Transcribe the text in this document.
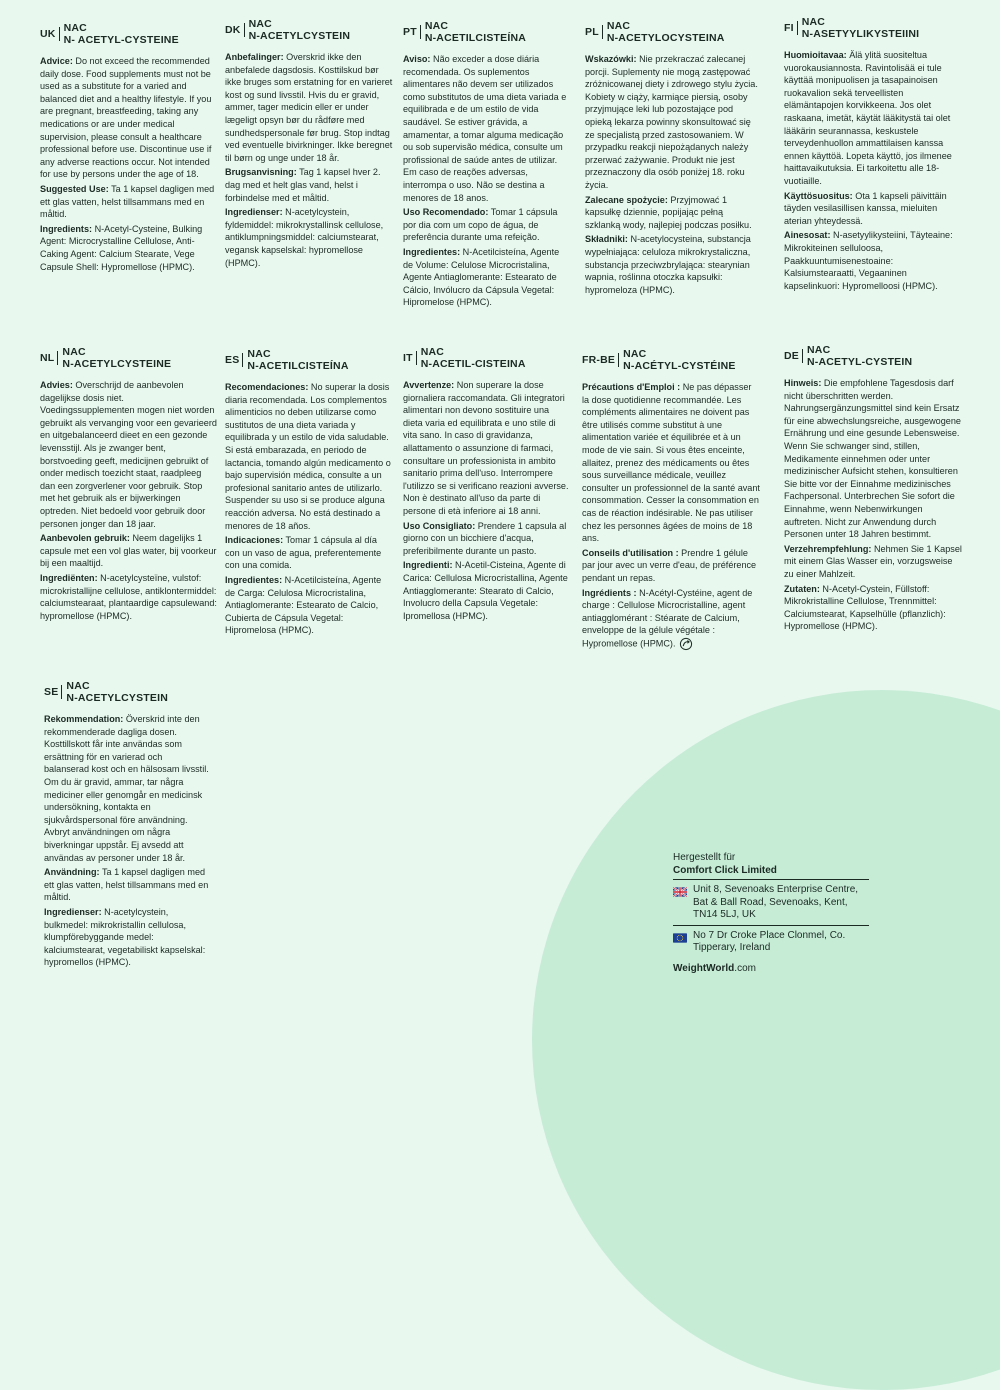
UK NAC
N- ACETYL-CYSTEINE
Advice: Do not exceed the recommended daily dose. Food supplements must not be used as a substitute for a varied and balanced diet and a healthy lifestyle. If you are pregnant, breastfeeding, taking any medications or are under medical supervision, please consult a healthcare professional before use. Discontinue use if any adverse reactions occur. Not intended for use by persons under the age of 18.
Suggested Use: Ta 1 kapsel dagligen med ett glas vatten, helst tillsammans med en måltid.
Ingredients: N-Acetyl-Cysteine, Bulking Agent: Microcrystalline Cellulose, Anti-Caking Agent: Calcium Stearate, Vege Capsule Shell: Hypromellose (HPMC).
DK NAC
N-ACETYLCYSTEIN
Anbefalinger: Overskrid ikke den anbefalede dagsdosis. Kosttilskud bør ikke bruges som erstatning for en varieret kost og sund livsstil. Hvis du er gravid, ammer, tager medicin eller er under lægeligt opsyn bør du rådføre med sundhedspersonale før brug. Stop indtag ved eventuelle bivirkninger. Ikke beregnet til børn og unge under 18 år.
Brugsanvisning: Tag 1 kapsel hver 2. dag med et helt glas vand, helst i forbindelse med et måltid.
Ingredienser: N-acetylcystein, fyldemiddel: mikrokrystallinsk cellulose, antiklumpningsmiddel: calciumstearat, vegansk kapselskal: hypromellose (HPMC).
PT NAC
N-ACETILCISTEÍNA
Aviso: Não exceder a dose diária recomendada. Os suplementos alimentares não devem ser utilizados como substitutos de uma dieta variada e equilibrada e de um estilo de vida saudável. Se estiver grávida, a amamentar, a tomar alguma medicação ou sob supervisão médica, consulte um profissional de saúde antes de utilizar. Em caso de reações adversas, interrompa o uso. Não se destina a menores de 18 anos.
Uso Recomendado: Tomar 1 cápsula por dia com um copo de água, de preferência durante uma refeição.
Ingredientes: N-Acetilcisteína, Agente de Volume: Celulose Microcristalina, Agente Antiaglomerante: Estearato de Cálcio, Invólucro da Cápsula Vegetal: Hipromelose (HPMC).
PL NAC
N-ACETYLOCYSTEINA
Wskazówki: Nie przekraczać zalecanej porcji. Suplementy nie mogą zastępować zróżnicowanej diety i zdrowego stylu życia. Kobiety w ciąży, karmiące piersią, osoby przyjmujące leki lub pozostające pod opieką lekarza powinny skonsultować się ze specjalistą przed zastosowaniem. W przypadku reakcji niepożądanych należy przerwać zażywanie. Produkt nie jest przeznaczony dla osób poniżej 18. roku życia.
Zalecane spożycie: Przyjmować 1 kapsułkę dziennie, popijając pełną szklanką wody, najlepiej podczas posiłku.
Składniki: N-acetylocysteina, substancja wypełniająca: celuloza mikrokrystaliczna, substancja przeciwzbrylająca: stearynian wapnia, roślinna otoczka kapsułki: hypromeloza (HPMC).
FI NAC
N-ASETYYLIKYSTEIINI
Huomioitavaa: Älä ylitä suositeltua vuorokausiannosta. Ravintolisää ei tule käyttää monipuolisen ja tasapainoisen ruokavalion sekä terveellisten elämäntapojen korvikkeena. Jos olet raskaana, imetät, käytät lääkitystä tai olet lääkärin seurannassa, keskustele terveydenhuollon ammattilaisen kanssa ennen käyttöä. Lopeta käyttö, jos ilmenee haittavaikutuksia. Ei tarkoitettu alle 18-vuotiaille.
Käyttösuositus: Ota 1 kapseli päivittäin täyden vesilasillisen kanssa, mieluiten aterian yhteydessä.
Ainesosat: N-asetyylikysteiini, Täyteaine: Mikrokiteinen selluloosa, Paakkuuntumisenestoaine: Kalsiumstearaatti, Vegaaninen kapselinkuori: Hypromelloosi (HPMC).
NL NAC
N-ACETYLCYSTEINE
Advies: Overschrijd de aanbevolen dagelijkse dosis niet. Voedingssupplementen mogen niet worden gebruikt als vervanging voor een gevarieerd en uitgebalanceerd dieet en een gezonde levensstijl. Als je zwanger bent, borstvoeding geeft, medicijnen gebruikt of onder medisch toezicht staat, raadpleeg dan een zorgverlener voor gebruik. Stop met het gebruik als er bijwerkingen optreden. Niet bedoeld voor gebruik door personen jonger dan 18 jaar.
Aanbevolen gebruik: Neem dagelijks 1 capsule met een vol glas water, bij voorkeur bij een maaltijd.
Ingrediënten: N-acetylcysteïne, vulstof: microkristallijne cellulose, antiklontermiddel: calciumstearaat, plantaardige capsulewand: hypromellose (HPMC).
ES NAC
N-ACETILCISTEÍNA
Recomendaciones: No superar la dosis diaria recomendada. Los complementos alimenticios no deben utilizarse como sustitutos de una dieta variada y equilibrada y un estilo de vida saludable. Si está embarazada, en periodo de lactancia, tomando algún medicamento o bajo supervisión médica, consulte a un profesional sanitario antes de utilizarlo. Suspender su uso si se produce alguna reacción adversa. No está destinado a menores de 18 años.
Indicaciones: Tomar 1 cápsula al día con un vaso de agua, preferentemente con una comida.
Ingredientes: N-Acetilcisteína, Agente de Carga: Celulosa Microcristalina, Antiaglomerante: Estearato de Calcio, Cubierta de Cápsula Vegetal: Hipromelosa (HPMC).
IT NAC
N-ACETIL-CISTEINA
Avvertenze: Non superare la dose giornaliera raccomandata. Gli integratori alimentari non devono sostituire una dieta varia ed equilibrata e uno stile di vita sano. In caso di gravidanza, allattamento o assunzione di farmaci, consultare un professionista in ambito sanitario prima dell'uso. Interrompere l'utilizzo se si verificano reazioni avverse. Non è destinato all'uso da parte di persone di età inferiore ai 18 anni.
Uso Consigliato: Prendere 1 capsula al giorno con un bicchiere d'acqua, preferibilmente durante un pasto.
Ingredienti: N-Acetil-Cisteina, Agente di Carica: Cellulosa Microcristallina, Agente Antiagglomerante: Stearato di Calcio, Involucro della Capsula Vegetale: Ipromellosa (HPMC).
FR-BE NAC
N-ACÉTYL-CYSTÉINE
Précautions d'Emploi : Ne pas dépasser la dose quotidienne recommandée. Les compléments alimentaires ne doivent pas être utilisés comme substitut à une alimentation variée et équilibrée et à un mode de vie sain. Si vous êtes enceinte, allaitez, prenez des médicaments ou êtes sous surveillance médicale, veuillez consulter un professionnel de la santé avant consommation. Cesser la consommation en cas de réaction indésirable. Ne pas utiliser chez les personnes âgées de moins de 18 ans.
Conseils d'utilisation : Prendre 1 gélule par jour avec un verre d'eau, de préférence pendant un repas.
Ingrédients : N-Acétyl-Cystéine, agent de charge : Cellulose Microcristalline, agent antiagglomérant : Stéarate de Calcium, enveloppe de la gélule végétale : Hypromellose (HPMC).
DE NAC
N-ACETYL-CYSTEIN
Hinweis: Die empfohlene Tagesdosis darf nicht überschritten werden. Nahrungsergänzungsmittel sind kein Ersatz für eine abwechslungsreiche, ausgewogene Ernährung und eine gesunde Lebensweise. Wenn Sie schwanger sind, stillen, Medikamente einnehmen oder unter medizinischer Aufsicht stehen, konsultieren Sie bitte vor der Einnahme medizinisches Fachpersonal. Unterbrechen Sie sofort die Einnahme, wenn Nebenwirkungen auftreten. Nicht zur Anwendung durch Personen unter 18 Jahren bestimmt.
Verzehrempfehlung: Nehmen Sie 1 Kapsel mit einem Glas Wasser ein, vorzugsweise zu einer Mahlzeit.
Zutaten: N-Acetyl-Cystein, Füllstoff: Mikrokristalline Cellulose, Trennmittel: Calciumstearat, Kapselhülle (pflanzlich): Hypromellose (HPMC).
SE NAC
N-ACETYLCYSTEIN
Rekommendation: Överskrid inte den rekommenderade dagliga dosen. Kosttillskott får inte användas som ersättning för en varierad och balanserad kost och en hälsosam livsstil. Om du är gravid, ammar, tar några mediciner eller genomgår en medicinsk undersökning, kontakta en sjukvårdspersonal före användning. Avbryt användningen om några biverkningar uppstår. Ej avsedd att användas av personer under 18 år.
Användning: Ta 1 kapsel dagligen med ett glas vatten, helst tillsammans med en måltid.
Ingredienser: N-acetylcystein, bulkmedel: mikrokristallin cellulosa, klumpförebyggande medel: kalciumstearat, vegetabiliskt kapselskal: hypromellos (HPMC).
Hergestellt für
Comfort Click Limited
Unit 8, Sevenoaks Enterprise Centre, Bat & Ball Road, Sevenoaks, Kent, TN14 5LJ, UK
No 7 Dr Croke Place Clonmel, Co. Tipperary, Ireland
WeightWorld.com
